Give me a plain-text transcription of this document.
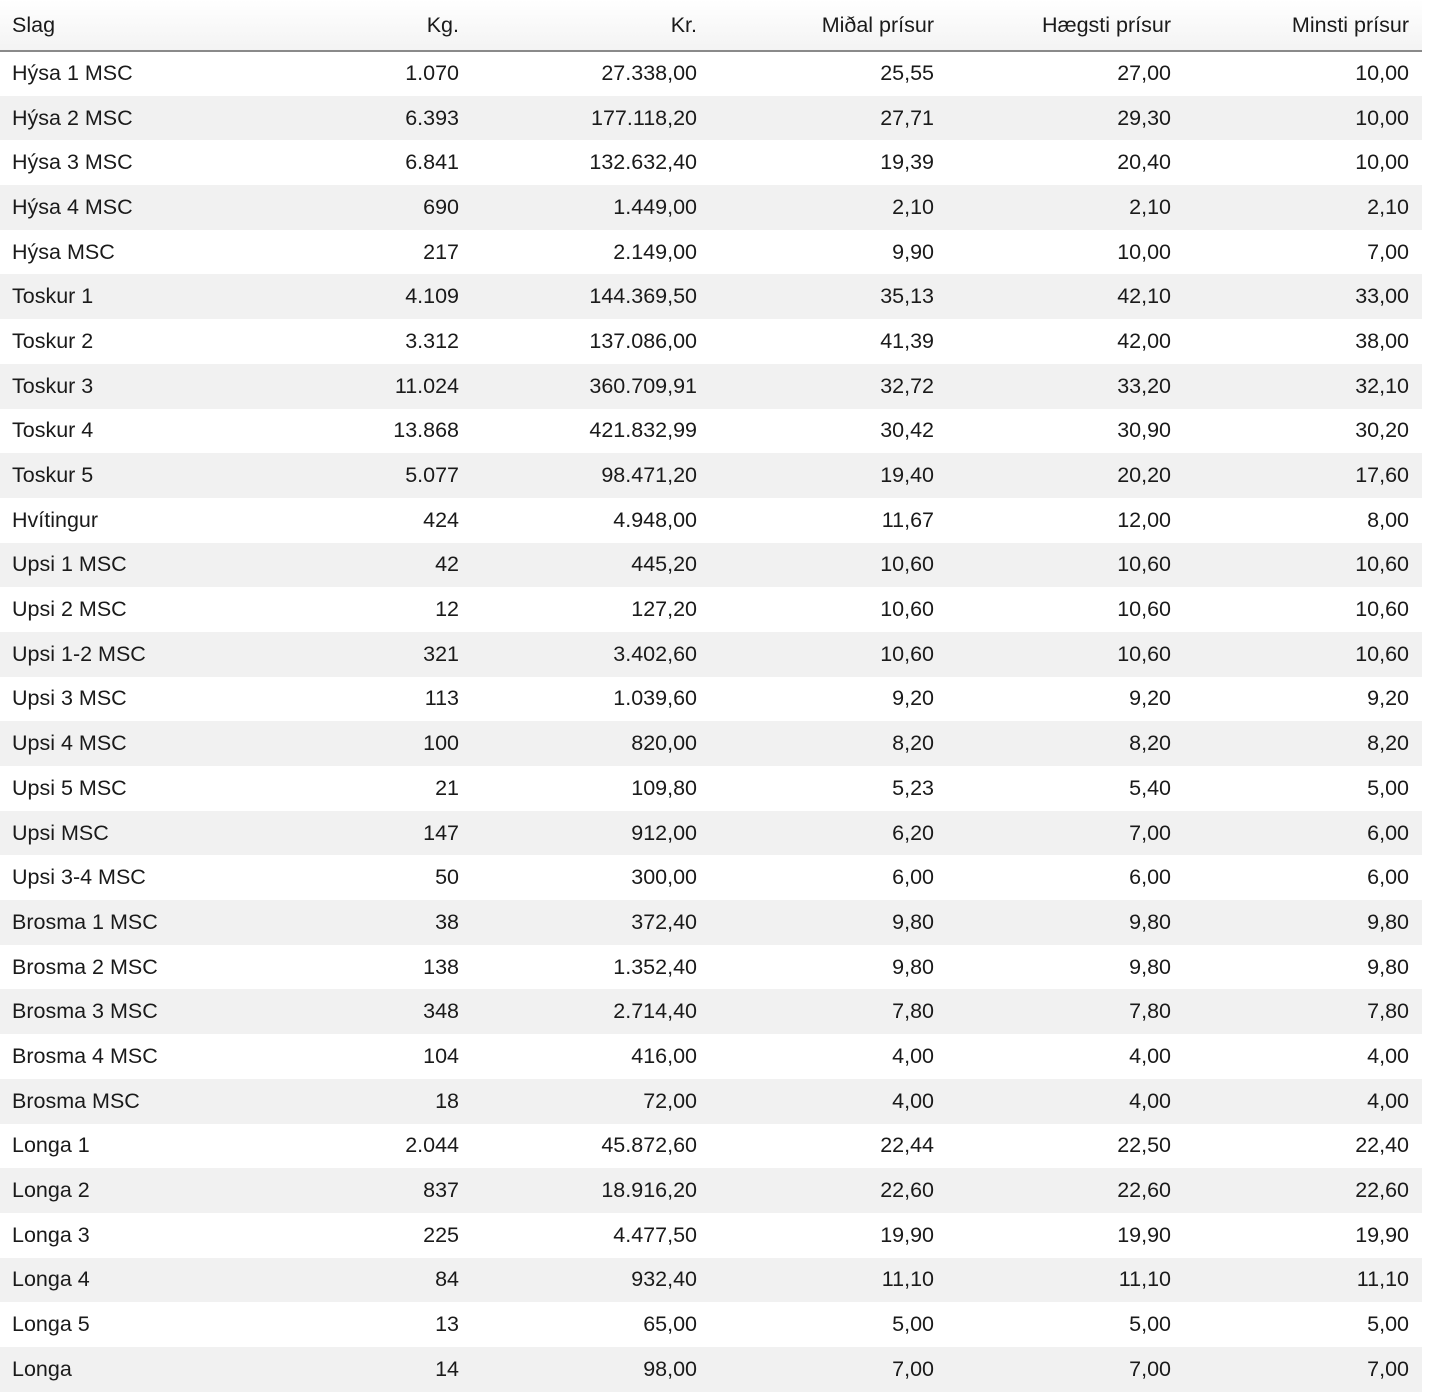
Slag	Kg.	Kr.	Miðal prísur	Hægsti prísur	Minsti prísur
Hýsa 1 MSC	1.070	27.338,00	25,55	27,00	10,00
Hýsa 2 MSC	6.393	177.118,20	27,71	29,30	10,00
Hýsa 3 MSC	6.841	132.632,40	19,39	20,40	10,00
Hýsa 4 MSC	690	1.449,00	2,10	2,10	2,10
Hýsa MSC	217	2.149,00	9,90	10,00	7,00
Toskur 1	4.109	144.369,50	35,13	42,10	33,00
Toskur 2	3.312	137.086,00	41,39	42,00	38,00
Toskur 3	11.024	360.709,91	32,72	33,20	32,10
Toskur 4	13.868	421.832,99	30,42	30,90	30,20
Toskur 5	5.077	98.471,20	19,40	20,20	17,60
Hvítingur	424	4.948,00	11,67	12,00	8,00
Upsi 1 MSC	42	445,20	10,60	10,60	10,60
Upsi 2 MSC	12	127,20	10,60	10,60	10,60
Upsi 1-2 MSC	321	3.402,60	10,60	10,60	10,60
Upsi 3 MSC	113	1.039,60	9,20	9,20	9,20
Upsi 4 MSC	100	820,00	8,20	8,20	8,20
Upsi 5 MSC	21	109,80	5,23	5,40	5,00
Upsi MSC	147	912,00	6,20	7,00	6,00
Upsi 3-4 MSC	50	300,00	6,00	6,00	6,00
Brosma 1 MSC	38	372,40	9,80	9,80	9,80
Brosma 2 MSC	138	1.352,40	9,80	9,80	9,80
Brosma 3 MSC	348	2.714,40	7,80	7,80	7,80
Brosma 4 MSC	104	416,00	4,00	4,00	4,00
Brosma MSC	18	72,00	4,00	4,00	4,00
Longa 1	2.044	45.872,60	22,44	22,50	22,40
Longa 2	837	18.916,20	22,60	22,60	22,60
Longa 3	225	4.477,50	19,90	19,90	19,90
Longa 4	84	932,40	11,10	11,10	11,10
Longa 5	13	65,00	5,00	5,00	5,00
Longa	14	98,00	7,00	7,00	7,00
